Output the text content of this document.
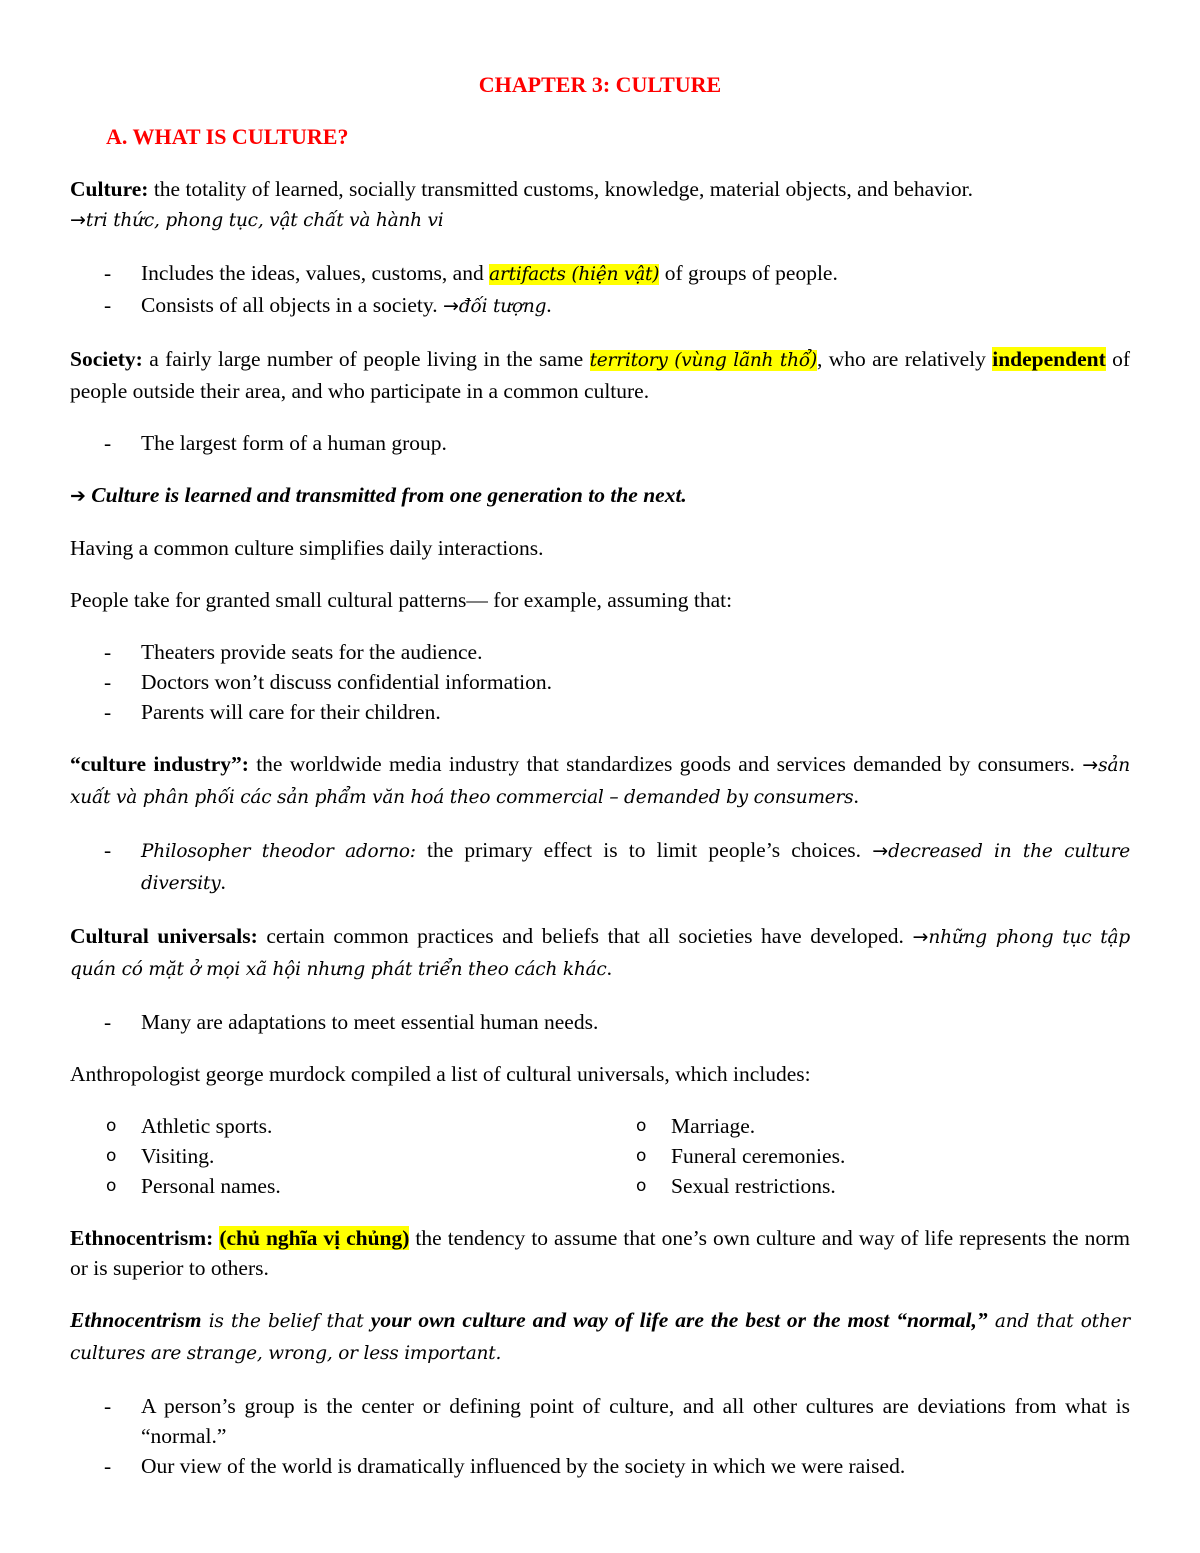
CHAPTER 3: CULTURE
A. WHAT IS CULTURE?

Culture: the totality of learned, socially transmitted customs, knowledge, material objects, and behavior.
→tri thức, phong tục, vật chất và hành vi

- Includes the ideas, values, customs, and artifacts (hiện vật) of groups of people.
- Consists of all objects in a society. →đối tượng.

Society: a fairly large number of people living in the same territory (vùng lãnh thổ), who are relatively independent of people outside their area, and who participate in a common culture.

- The largest form of a human group.

➔ Culture is learned and transmitted from one generation to the next.

Having a common culture simplifies daily interactions.

People take for granted small cultural patterns— for example, assuming that:

- Theaters provide seats for the audience.
- Doctors won’t discuss confidential information.
- Parents will care for their children.

“culture industry”: the worldwide media industry that standardizes goods and services demanded by consumers. →sản xuất và phân phối các sản phẩm văn hoá theo commercial – demanded by consumers.

- Philosopher theodor adorno: the primary effect is to limit people’s choices. →decreased in the culture diversity.

Cultural universals: certain common practices and beliefs that all societies have developed. →những phong tục tập quán có mặt ở mọi xã hội nhưng phát triển theo cách khác.

- Many are adaptations to meet essential human needs.

Anthropologist george murdock compiled a list of cultural universals, which includes:

o Athletic sports.
o Visiting.
o Personal names.
o Marriage.
o Funeral ceremonies.
o Sexual restrictions.

Ethnocentrism: (chủ nghĩa vị chủng) the tendency to assume that one’s own culture and way of life represents the norm or is superior to others.

Ethnocentrism is the belief that your own culture and way of life are the best or the most “normal,” and that other cultures are strange, wrong, or less important.

- A person’s group is the center or defining point of culture, and all other cultures are deviations from what is “normal.”
- Our view of the world is dramatically influenced by the society in which we were raised.
